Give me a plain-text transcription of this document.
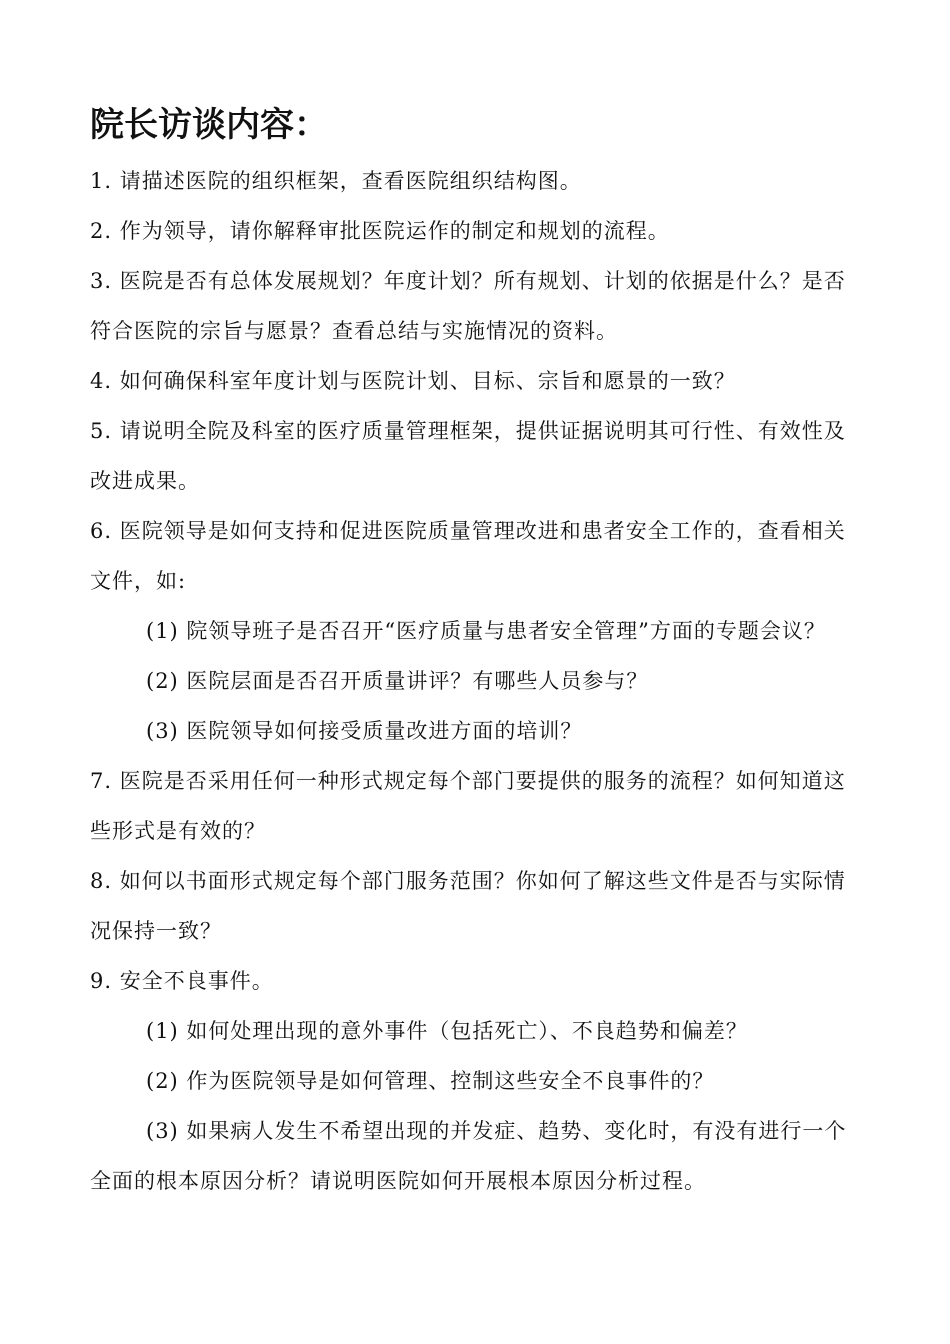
院长访谈内容：

1. 请描述医院的组织框架，查看医院组织结构图。

2. 作为领导，请你解释审批医院运作的制定和规划的流程。

3. 医院是否有总体发展规划？年度计划？所有规划、计划的依据是什么？是否符合医院的宗旨与愿景？查看总结与实施情况的资料。

4. 如何确保科室年度计划与医院计划、目标、宗旨和愿景的一致？

5. 请说明全院及科室的医疗质量管理框架，提供证据说明其可行性、有效性及改进成果。

6. 医院领导是如何支持和促进医院质量管理改进和患者安全工作的，查看相关文件，如:

(1) 院领导班子是否召开“医疗质量与患者安全管理”方面的专题会议？

(2) 医院层面是否召开质量讲评？有哪些人员参与？

(3) 医院领导如何接受质量改进方面的培训？

7. 医院是否采用任何一种形式规定每个部门要提供的服务的流程？如何知道这些形式是有效的？

8. 如何以书面形式规定每个部门服务范围？你如何了解这些文件是否与实际情况保持一致？

9. 安全不良事件。

(1) 如何处理出现的意外事件（包括死亡）、不良趋势和偏差？

(2) 作为医院领导是如何管理、控制这些安全不良事件的？

(3) 如果病人发生不希望出现的并发症、趋势、变化时，有没有进行一个全面的根本原因分析？请说明医院如何开展根本原因分析过程。
